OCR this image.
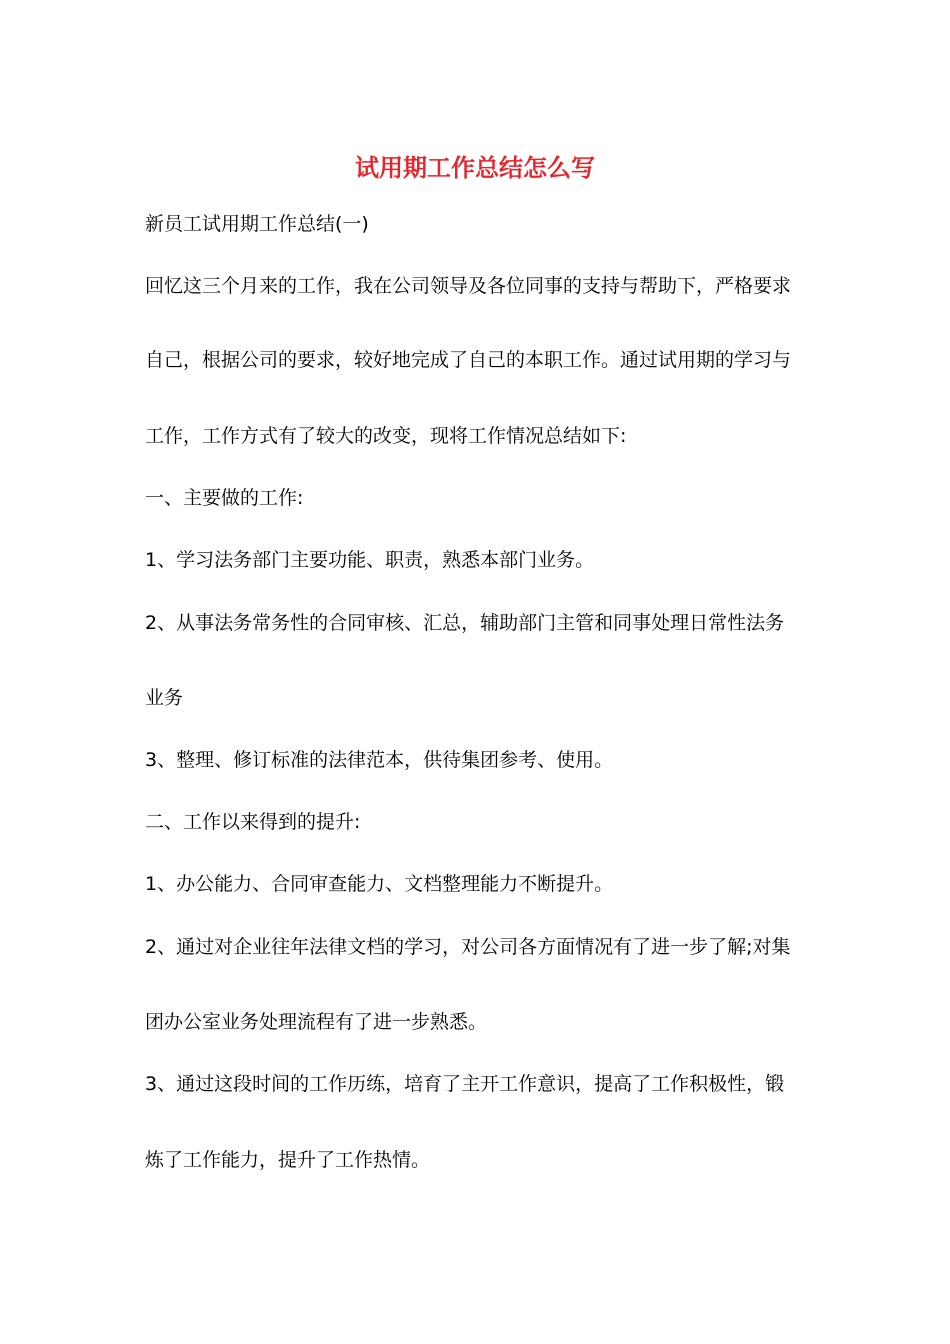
试用期工作总结怎么写

新员工试用期工作总结(一)

回忆这三个月来的工作，我在公司领导及各位同事的支持与帮助下，严格要求

自己，根据公司的要求，较好地完成了自己的本职工作。通过试用期的学习与

工作，工作方式有了较大的改变，现将工作情况总结如下:

一、主要做的工作:

1、学习法务部门主要功能、职责，熟悉本部门业务。

2、从事法务常务性的合同审核、汇总，辅助部门主管和同事处理日常性法务

业务

3、整理、修订标准的法律范本，供待集团参考、使用。

二、工作以来得到的提升:

1、办公能力、合同审查能力、文档整理能力不断提升。

2、通过对企业往年法律文档的学习，对公司各方面情况有了进一步了解;对集

团办公室业务处理流程有了进一步熟悉。

3、通过这段时间的工作历练，培育了主开工作意识，提高了工作积极性，锻

炼了工作能力，提升了工作热情。
